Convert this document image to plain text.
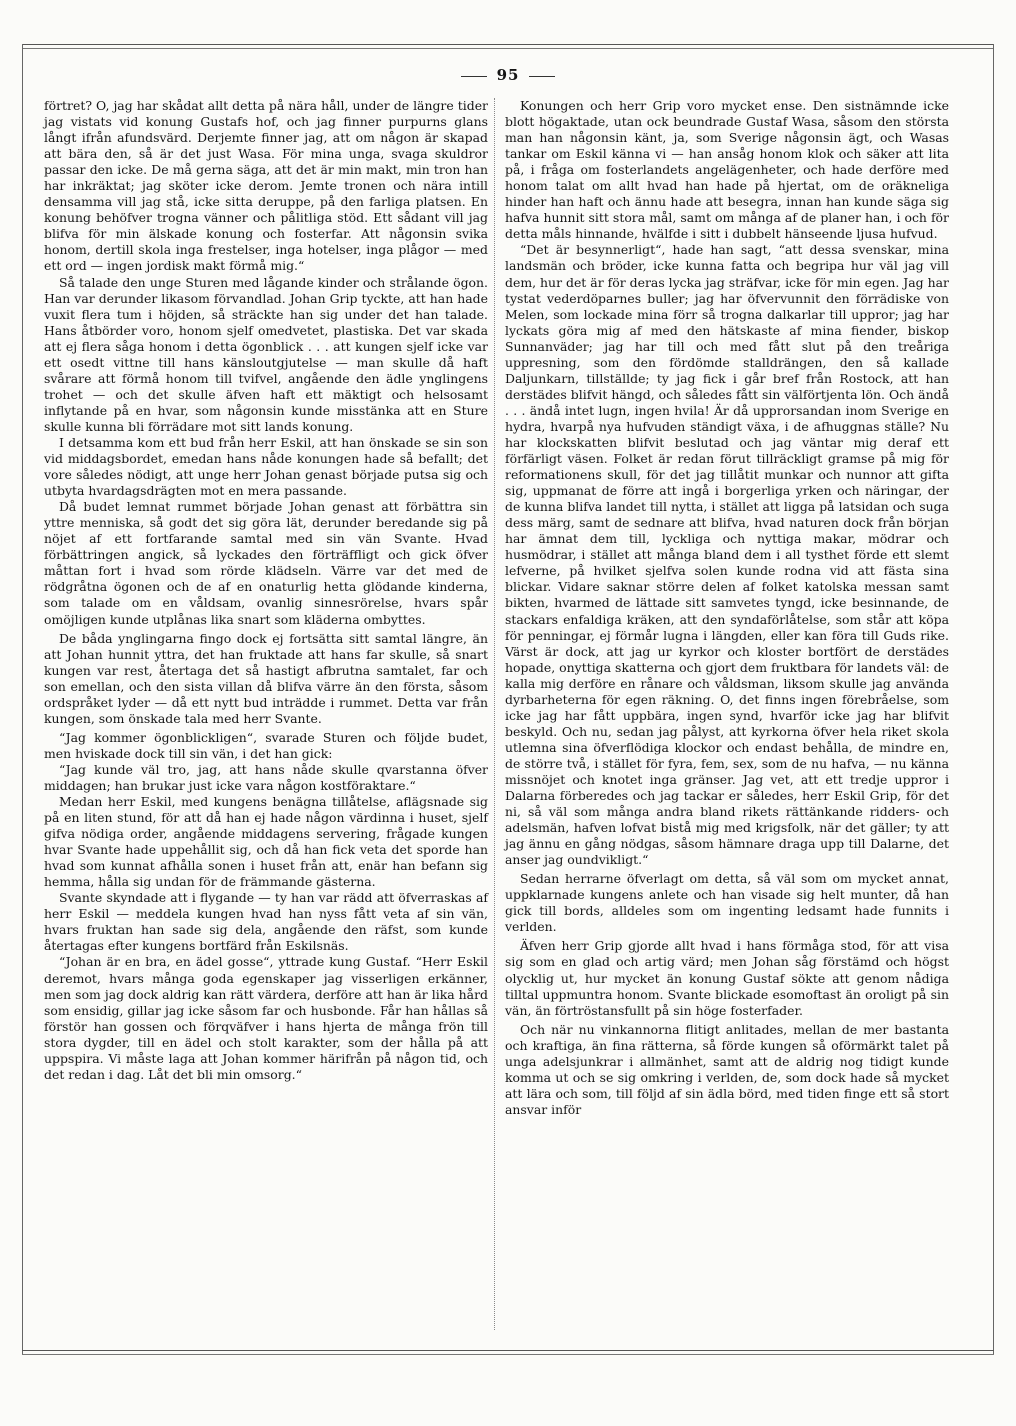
95

förtret? O, jag har skådat allt detta på nära håll, under de längre tider jag vistats vid konung Gustafs hof, och jag finner purpurns glans långt ifrån afundsvärd. Derjemte finner jag, att om någon är skapad att bära den, så är det just Wasa. För mina unga, svaga skuldror passar den icke. De må gerna säga, att det är min makt, min tron han har inkräktat; jag sköter icke derom. Jemte tronen och nära intill densamma vill jag stå, icke sitta deruppe, på den farliga platsen. En konung behöfver trogna vänner och pålitliga stöd. Ett sådant vill jag blifva för min älskade konung och fosterfar. Att någonsin svika honom, dertill skola inga frestelser, inga hotelser, inga plågor — med ett ord — ingen jordisk makt förmå mig.“

Så talade den unge Sturen med lågande kinder och strålande ögon. Han var derunder likasom förvandlad. Johan Grip tyckte, att han hade vuxit flera tum i höjden, så sträckte han sig under det han talade. Hans åtbörder voro, honom sjelf omedvetet, plastiska. Det var skada att ej flera såga honom i detta ögonblick . . . att kungen sjelf icke var ett osedt vittne till hans känsloutgjutelse — man skulle då haft svårare att förmå honom till tvifvel, angående den ädle ynglingens trohet — och det skulle äfven haft ett mäktigt och helsosamt inflytande på en hvar, som någonsin kunde misstänka att en Sture skulle kunna bli förrädare mot sitt lands konung.

I detsamma kom ett bud från herr Eskil, att han önskade se sin son vid middagsbordet, emedan hans nåde konungen hade så befallt; det vore således nödigt, att unge herr Johan genast började putsa sig och utbyta hvardagsdrägten mot en mera passande.

Då budet lemnat rummet började Johan genast att förbättra sin yttre menniska, så godt det sig göra lät, derunder beredande sig på nöjet af ett fortfarande samtal med sin vän Svante. Hvad förbättringen angick, så lyckades den förträffligt och gick öfver måttan fort i hvad som rörde klädseln. Värre var det med de rödgråtna ögonen och de af en onaturlig hetta glödande kinderna, som talade om en våldsam, ovanlig sinnesrörelse, hvars spår omöjligen kunde utplånas lika snart som kläderna ombyttes.

De båda ynglingarna fingo dock ej fortsätta sitt samtal längre, än att Johan hunnit yttra, det han fruktade att hans far skulle, så snart kungen var rest, återtaga det så hastigt afbrutna samtalet, far och son emellan, och den sista villan då blifva värre än den första, såsom ordspråket lyder — då ett nytt bud inträdde i rummet. Detta var från kungen, som önskade tala med herr Svante.

“Jag kommer ögonblickligen“, svarade Sturen och följde budet, men hviskade dock till sin vän, i det han gick:

“Jag kunde väl tro, jag, att hans nåde skulle qvarstanna öfver middagen; han brukar just icke vara någon kostföraktare.“

Medan herr Eskil, med kungens benägna tillåtelse, aflägsnade sig på en liten stund, för att då han ej hade någon värdinna i huset, sjelf gifva nödiga order, angående middagens servering, frågade kungen hvar Svante hade uppehållit sig, och då han fick veta det sporde han hvad som kunnat afhålla sonen i huset från att, enär han befann sig hemma, hålla sig undan för de främmande gästerna.

Svante skyndade att i flygande — ty han var rädd att öfverraskas af herr Eskil — meddela kungen hvad han nyss fått veta af sin vän, hvars fruktan han sade sig dela, angående den räfst, som kunde återtagas efter kungens bortfärd från Eskilsnäs.

“Johan är en bra, en ädel gosse“, yttrade kung Gustaf. “Herr Eskil deremot, hvars många goda egenskaper jag visserligen erkänner, men som jag dock aldrig kan rätt värdera, derföre att han är lika hård som ensidig, gillar jag icke såsom far och husbonde. Får han hållas så förstör han gossen och förqväfver i hans hjerta de många frön till stora dygder, till en ädel och stolt karakter, som der hålla på att uppspira. Vi måste laga att Johan kommer härifrån på någon tid, och det redan i dag. Låt det bli min omsorg.“

Konungen och herr Grip voro mycket ense. Den sistnämnde icke blott högaktade, utan ock beundrade Gustaf Wasa, såsom den största man han någonsin känt, ja, som Sverige någonsin ägt, och Wasas tankar om Eskil känna vi — han ansåg honom klok och säker att lita på, i fråga om fosterlandets angelägenheter, och hade derföre med honom talat om allt hvad han hade på hjertat, om de oräkneliga hinder han haft och ännu hade att besegra, innan han kunde säga sig hafva hunnit sitt stora mål, samt om många af de planer han, i och för detta måls hinnande, hvälfde i sitt i dubbelt hänseende ljusa hufvud.

“Det är besynnerligt“, hade han sagt, “att dessa svenskar, mina landsmän och bröder, icke kunna fatta och begripa hur väl jag vill dem, hur det är för deras lycka jag sträfvar, icke för min egen. Jag har tystat vederdöparnes buller; jag har öfvervunnit den förrädiske von Melen, som lockade mina förr så trogna dalkarlar till uppror; jag har lyckats göra mig af med den hätskaste af mina fiender, biskop Sunnanväder; jag har till och med fått slut på den treåriga uppresning, som den fördömde stalldrängen, den så kallade Daljunkarn, tillställde; ty jag fick i går bref från Rostock, att han derstädes blifvit hängd, och således fått sin välförtjenta lön. Och ändå . . . ändå intet lugn, ingen hvila! Är då upprorsandan inom Sverige en hydra, hvarpå nya hufvuden ständigt växa, i de afhuggnas ställe? Nu har klockskatten blifvit beslutad och jag väntar mig deraf ett förfärligt väsen. Folket är redan förut tillräckligt gramse på mig för reformationens skull, för det jag tillåtit munkar och nunnor att gifta sig, uppmanat de förre att ingå i borgerliga yrken och näringar, der de kunna blifva landet till nytta, i stället att ligga på latsidan och suga dess märg, samt de sednare att blifva, hvad naturen dock från början har ämnat dem till, lyckliga och nyttiga makar, mödrar och husmödrar, i stället att många bland dem i all tysthet förde ett slemt lefverne, på hvilket sjelfva solen kunde rodna vid att fästa sina blickar. Vidare saknar större delen af folket katolska messan samt bikten, hvarmed de lättade sitt samvetes tyngd, icke besinnande, de stackars enfaldiga kräken, att den syndaförlåtelse, som står att köpa för penningar, ej förmår lugna i längden, eller kan föra till Guds rike. Värst är dock, att jag ur kyrkor och kloster bortfört de derstädes hopade, onyttiga skatterna och gjort dem fruktbara för landets väl: de kalla mig derföre en rånare och våldsman, liksom skulle jag använda dyrbarheterna för egen räkning. O, det finns ingen förebråelse, som icke jag har fått uppbära, ingen synd, hvarför icke jag har blifvit beskyld. Och nu, sedan jag pålyst, att kyrkorna öfver hela riket skola utlemna sina öfverflödiga klockor och endast behålla, de mindre en, de större två, i stället för fyra, fem, sex, som de nu hafva, — nu känna missnöjet och knotet inga gränser. Jag vet, att ett tredje uppror i Dalarna förberedes och jag tackar er således, herr Eskil Grip, för det ni, så väl som många andra bland rikets rättänkande ridders- och adelsmän, hafven lofvat bistå mig med krigsfolk, när det gäller; ty att jag ännu en gång nödgas, såsom hämnare draga upp till Dalarne, det anser jag oundvikligt.“

Sedan herrarne öfverlagt om detta, så väl som om mycket annat, uppklarnade kungens anlete och han visade sig helt munter, då han gick till bords, alldeles som om ingenting ledsamt hade funnits i verlden.

Äfven herr Grip gjorde allt hvad i hans förmåga stod, för att visa sig som en glad och artig värd; men Johan såg förstämd och högst olycklig ut, hur mycket än konung Gustaf sökte att genom nådiga tilltal uppmuntra honom. Svante blickade esomoftast än oroligt på sin vän, än förtröstansfullt på sin höge fosterfader.

Och när nu vinkannorna flitigt anlitades, mellan de mer bastanta och kraftiga, än fina rätterna, så förde kungen så oförmärkt talet på unga adelsjunkrar i allmänhet, samt att de aldrig nog tidigt kunde komma ut och se sig omkring i verlden, de, som dock hade så mycket att lära och som, till följd af sin ädla börd, med tiden finge ett så stort ansvar inför
